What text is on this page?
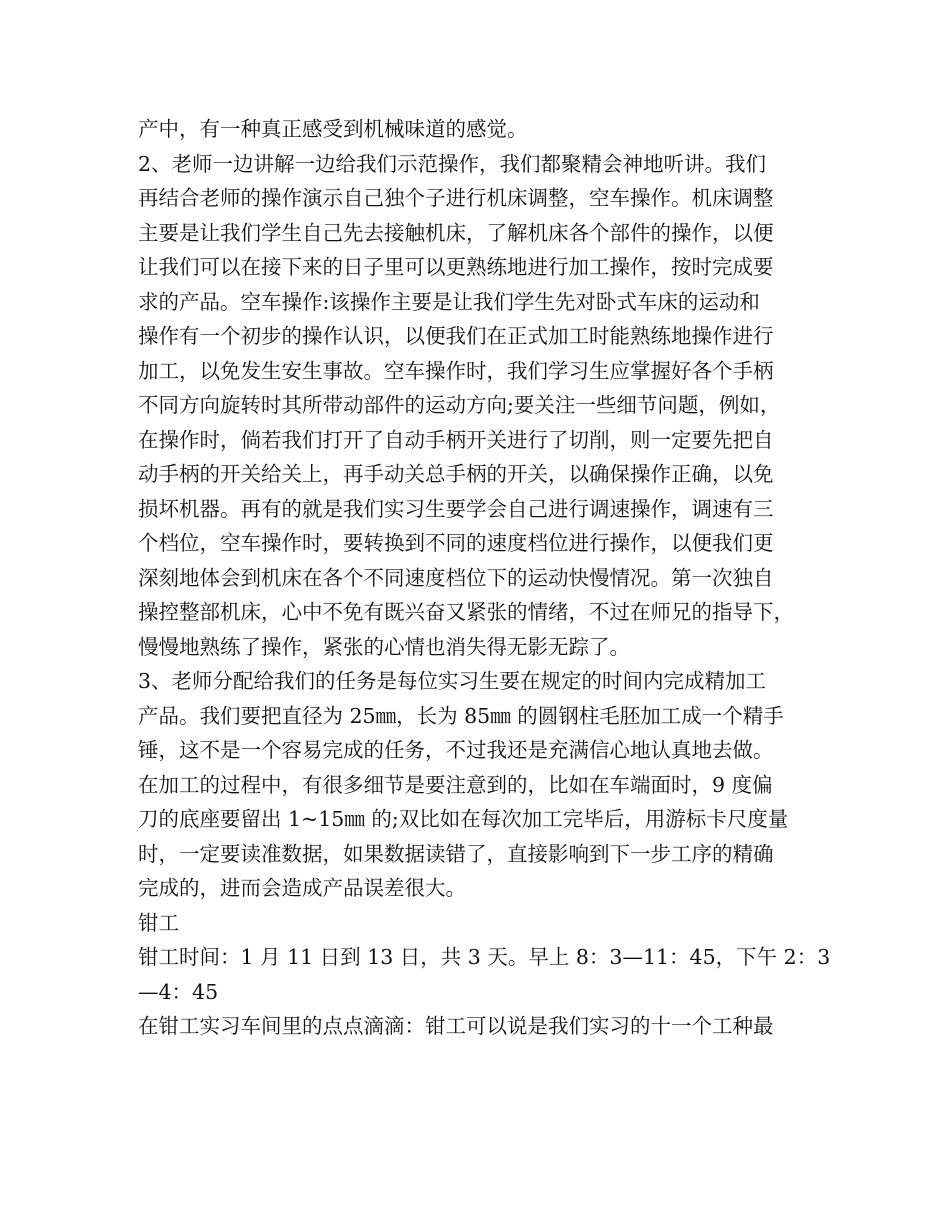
产中，有一种真正感受到机械味道的感觉。
2、老师一边讲解一边给我们示范操作，我们都聚精会神地听讲。我们
再结合老师的操作演示自己独个子进行机床调整，空车操作。机床调整
主要是让我们学生自己先去接触机床，了解机床各个部件的操作，以便
让我们可以在接下来的日子里可以更熟练地进行加工操作，按时完成要
求的产品。空车操作:该操作主要是让我们学生先对卧式车床的运动和
操作有一个初步的操作认识，以便我们在正式加工时能熟练地操作进行
加工，以免发生安生事故。空车操作时，我们学习生应掌握好各个手柄
不同方向旋转时其所带动部件的运动方向;要关注一些细节问题，例如，
在操作时，倘若我们打开了自动手柄开关进行了切削，则一定要先把自
动手柄的开关给关上，再手动关总手柄的开关，以确保操作正确，以免
损坏机器。再有的就是我们实习生要学会自己进行调速操作，调速有三
个档位，空车操作时，要转换到不同的速度档位进行操作，以便我们更
深刻地体会到机床在各个不同速度档位下的运动快慢情况。第一次独自
操控整部机床，心中不免有既兴奋又紧张的情绪，不过在师兄的指导下，
慢慢地熟练了操作，紧张的心情也消失得无影无踪了。
3、老师分配给我们的任务是每位实习生要在规定的时间内完成精加工
产品。我们要把直径为 25㎜，长为 85㎜ 的圆钢柱毛胚加工成一个精手
锤，这不是一个容易完成的任务，不过我还是充满信心地认真地去做。
在加工的过程中，有很多细节是要注意到的，比如在车端面时，9 度偏
刀的底座要留出 1~15㎜ 的;双比如在每次加工完毕后，用游标卡尺度量
时，一定要读准数据，如果数据读错了，直接影响到下一步工序的精确
完成的，进而会造成产品误差很大。
钳工
钳工时间：1 月 11 日到 13 日，共 3 天。早上 8：3—11：45，下午 2：3
—4：45
在钳工实习车间里的点点滴滴：钳工可以说是我们实习的十一个工种最
